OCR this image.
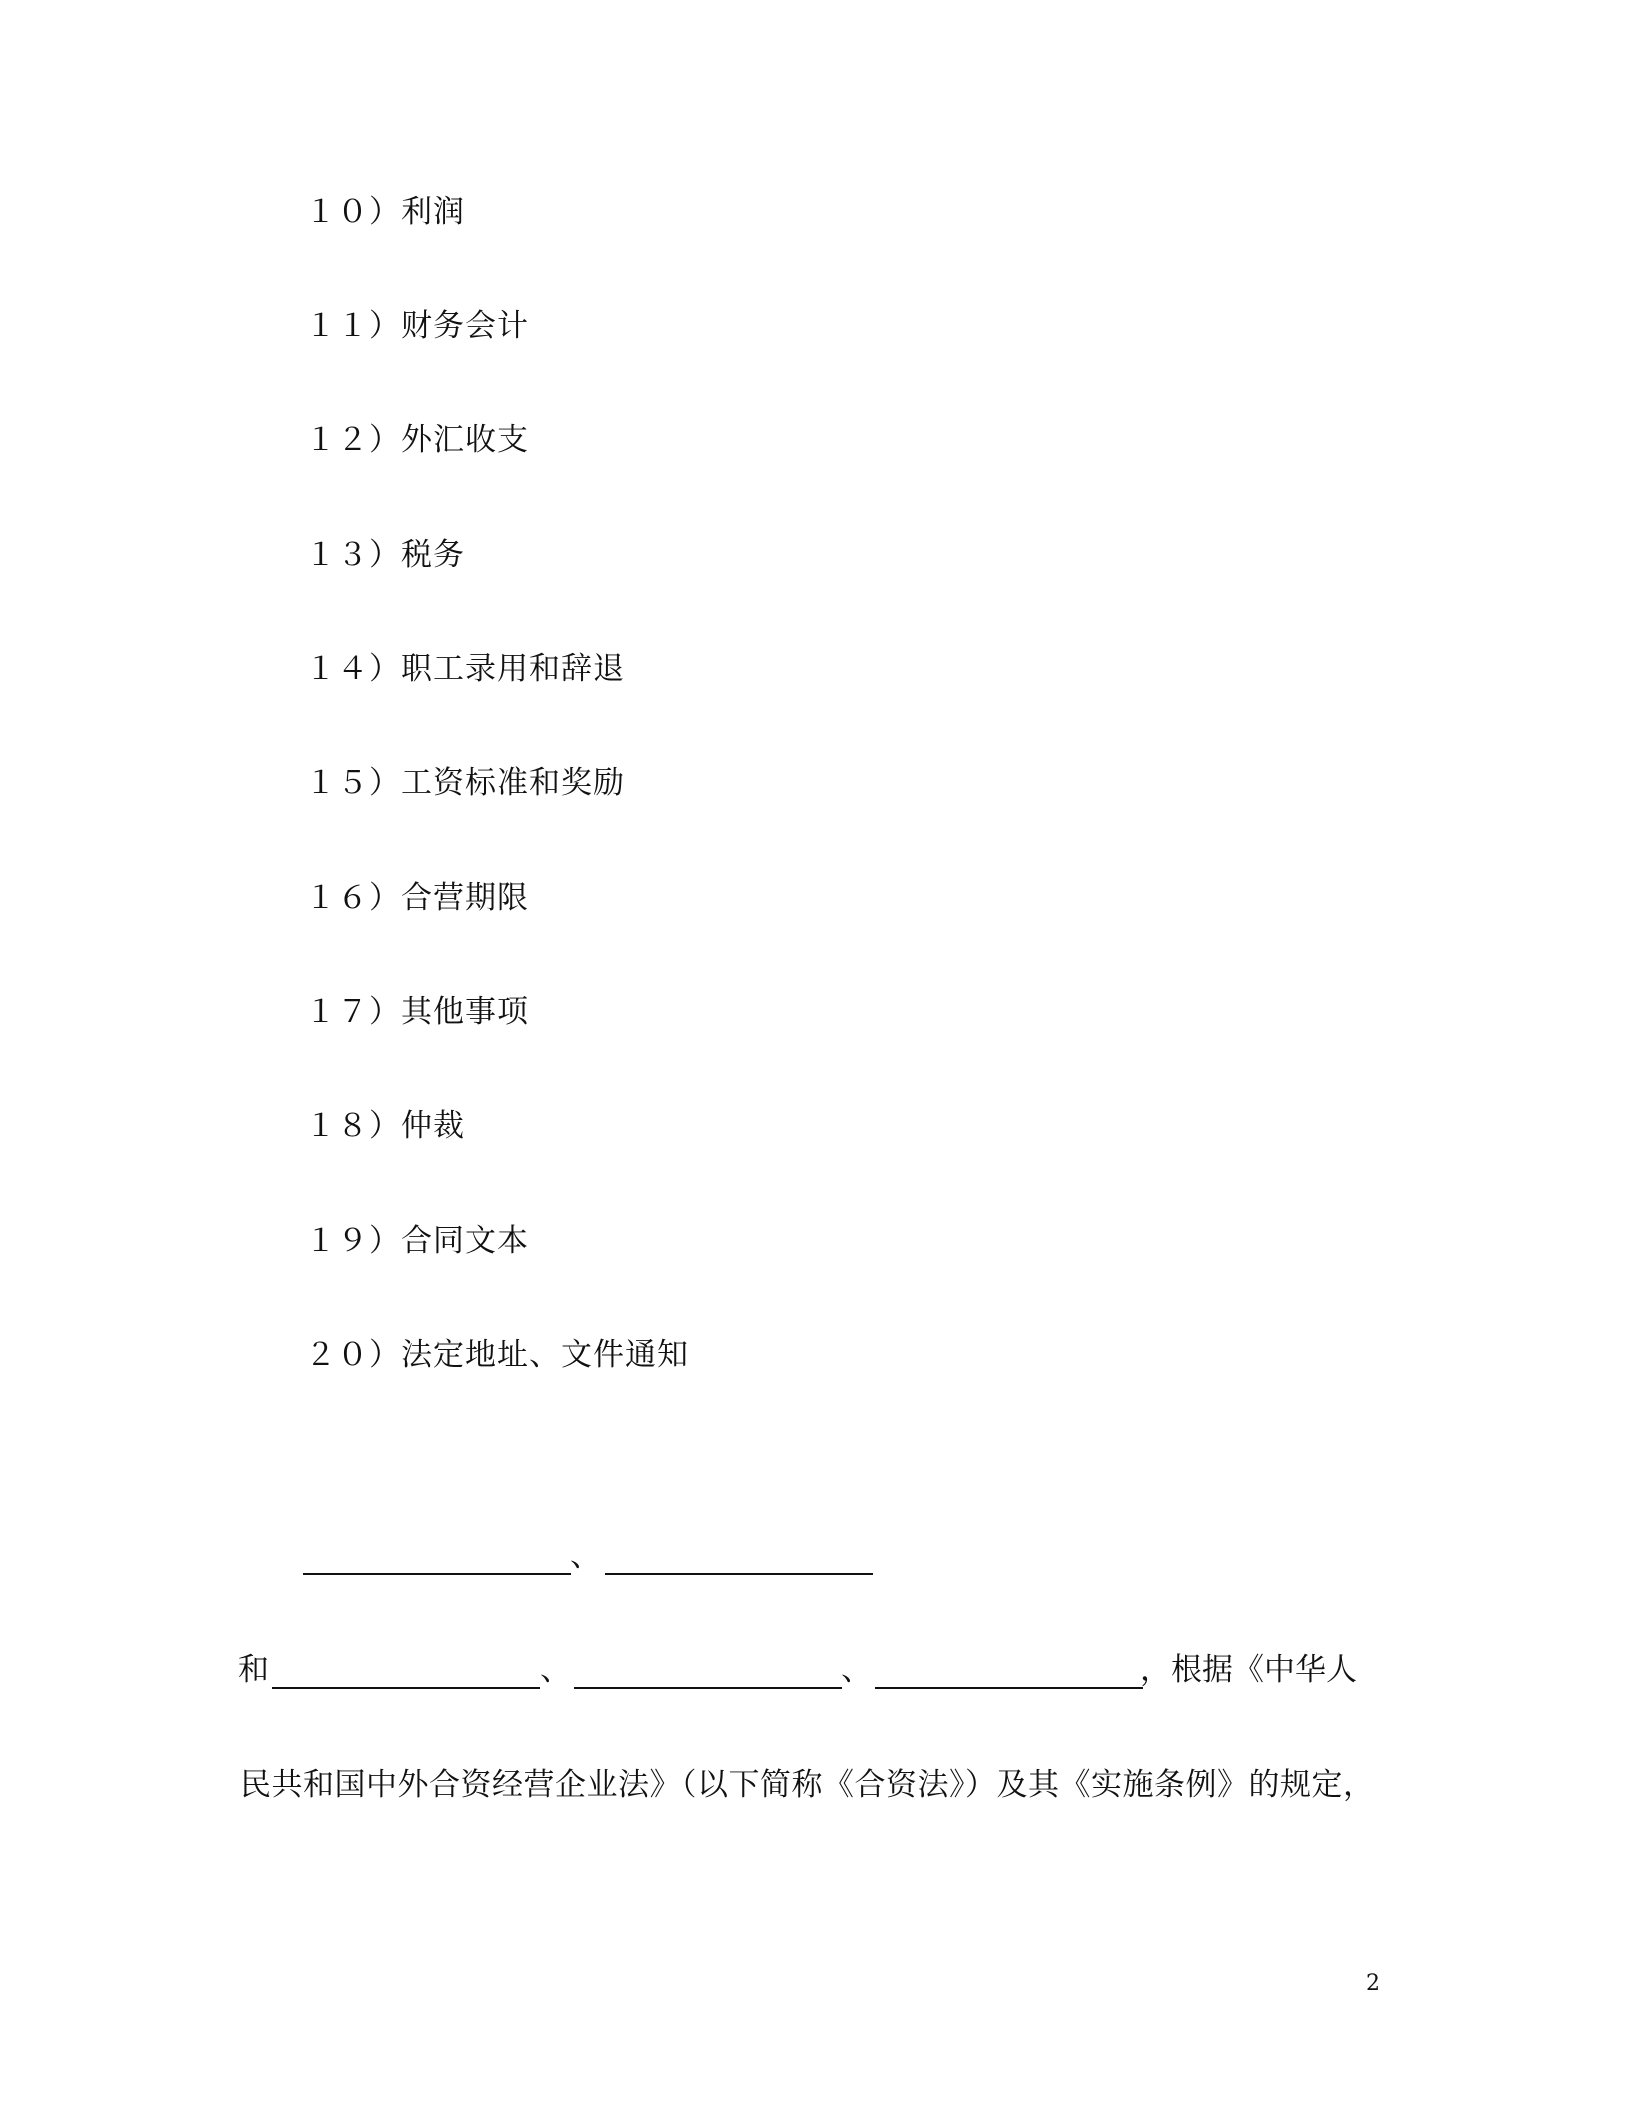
１０）利润
１１）财务会计
１２）外汇收支
１３）税务
１４）职工录用和辞退
１５）工资标准和奖励
１６）合营期限
１７）其他事项
１８）仲裁
１９）合同文本
２０）法定地址、文件通知
、
和	、	、	，根据《中华人
民共和国中外合资经营企业法》（以下简称《合资法》）及其《实施条例》的规定，
2
